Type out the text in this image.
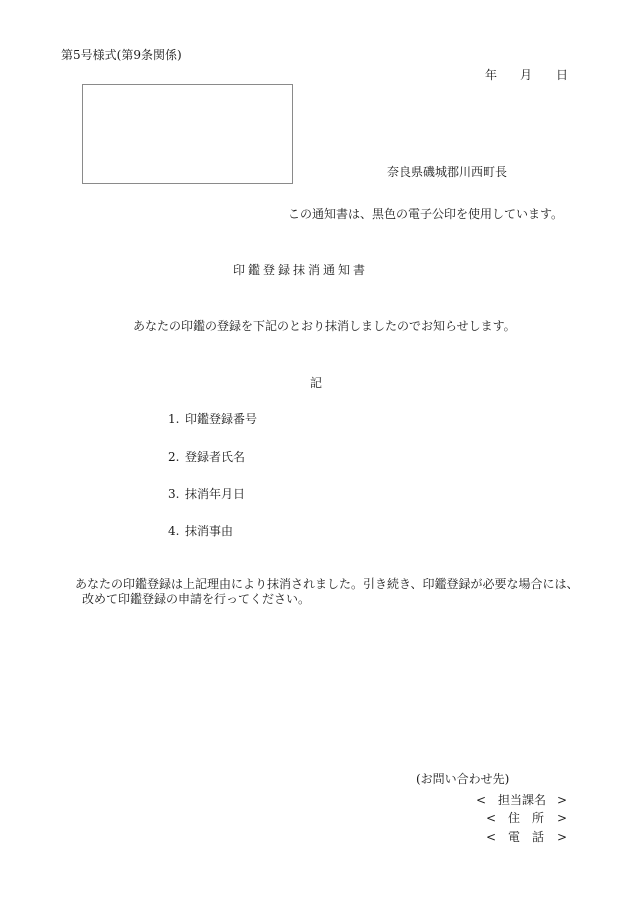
第5号様式(第9条関係)
年 月 日
奈良県磯城郡川西町長
この通知書は、黒色の電子公印を使用しています。
印鑑登録抹消通知書
あなたの印鑑の登録を下記のとおり抹消しましたのでお知らせします。
記
1. 印鑑登録番号
2. 登録者氏名
3. 抹消年月日
4. 抹消事由
あなたの印鑑登録は上記理由により抹消されました。引き続き、印鑑登録が必要な場合には、
改めて印鑑登録の申請を行ってください。
(お問い合わせ先)
< 担当課名 >
< 住　所 >
< 電　話 >
